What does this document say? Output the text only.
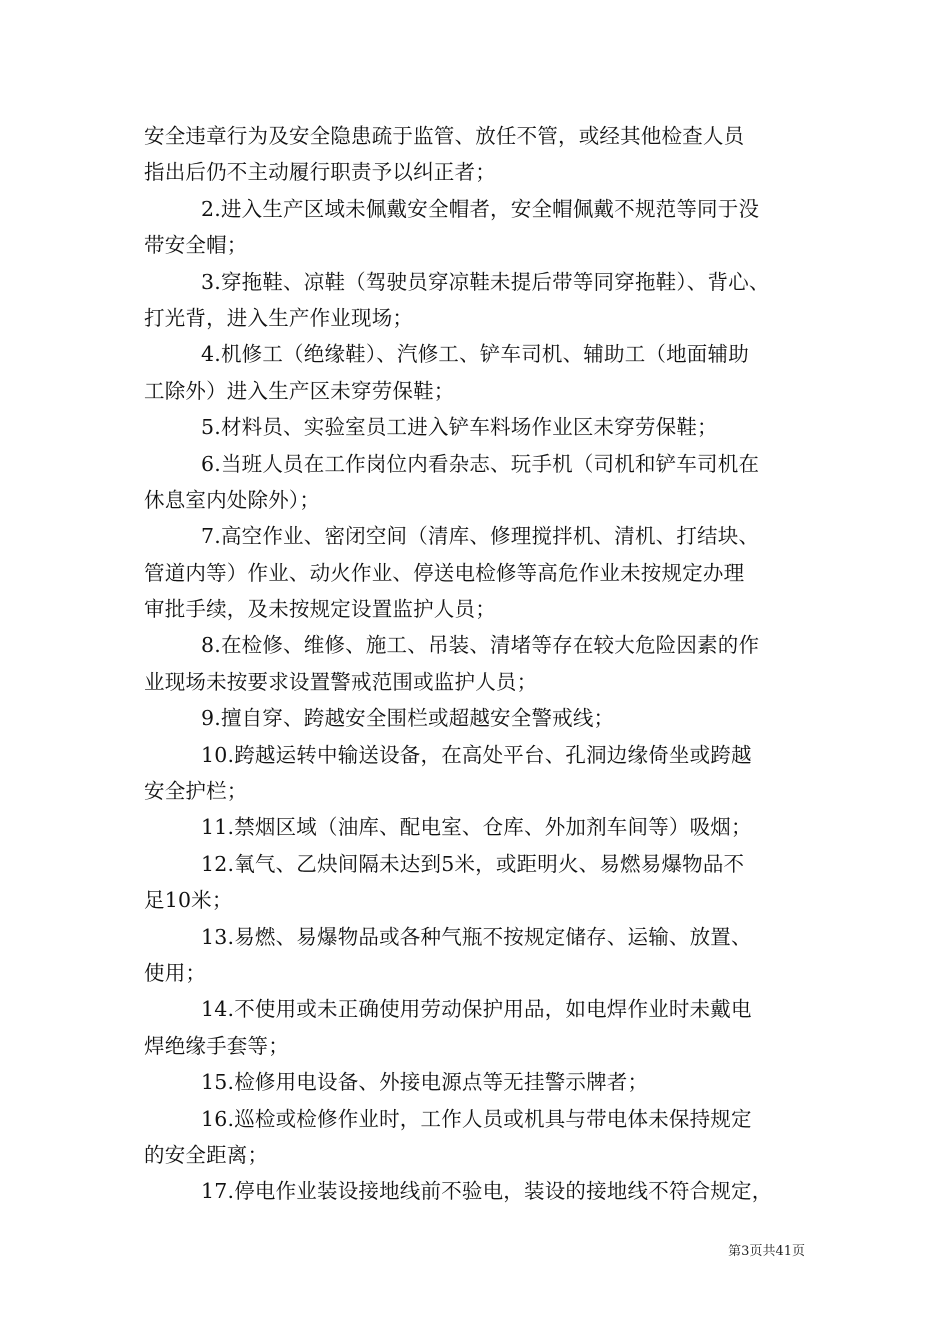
安全违章行为及安全隐患疏于监管、放任不管，或经其他检查人员
指出后仍不主动履行职责予以纠正者；
2.进入生产区域未佩戴安全帽者，安全帽佩戴不规范等同于没
带安全帽；
3.穿拖鞋、凉鞋（驾驶员穿凉鞋未提后带等同穿拖鞋）、背心、
打光背，进入生产作业现场；
4.机修工（绝缘鞋）、汽修工、铲车司机、辅助工（地面辅助
工除外）进入生产区未穿劳保鞋；
5.材料员、实验室员工进入铲车料场作业区未穿劳保鞋；
6.当班人员在工作岗位内看杂志、玩手机（司机和铲车司机在
休息室内处除外）；
7.高空作业、密闭空间（清库、修理搅拌机、清机、打结块、
管道内等）作业、动火作业、停送电检修等高危作业未按规定办理
审批手续，及未按规定设置监护人员；
8.在检修、维修、施工、吊装、清堵等存在较大危险因素的作
业现场未按要求设置警戒范围或监护人员；
9.擅自穿、跨越安全围栏或超越安全警戒线；
10.跨越运转中输送设备，在高处平台、孔洞边缘倚坐或跨越
安全护栏；
11.禁烟区域（油库、配电室、仓库、外加剂车间等）吸烟；
12.氧气、乙炔间隔未达到5米，或距明火、易燃易爆物品不
足10米；
13.易燃、易爆物品或各种气瓶不按规定储存、运输、放置、
使用；
14.不使用或未正确使用劳动保护用品，如电焊作业时未戴电
焊绝缘手套等；
15.检修用电设备、外接电源点等无挂警示牌者；
16.巡检或检修作业时，工作人员或机具与带电体未保持规定
的安全距离；
17.停电作业装设接地线前不验电，装设的接地线不符合规定，
第3页共41页
